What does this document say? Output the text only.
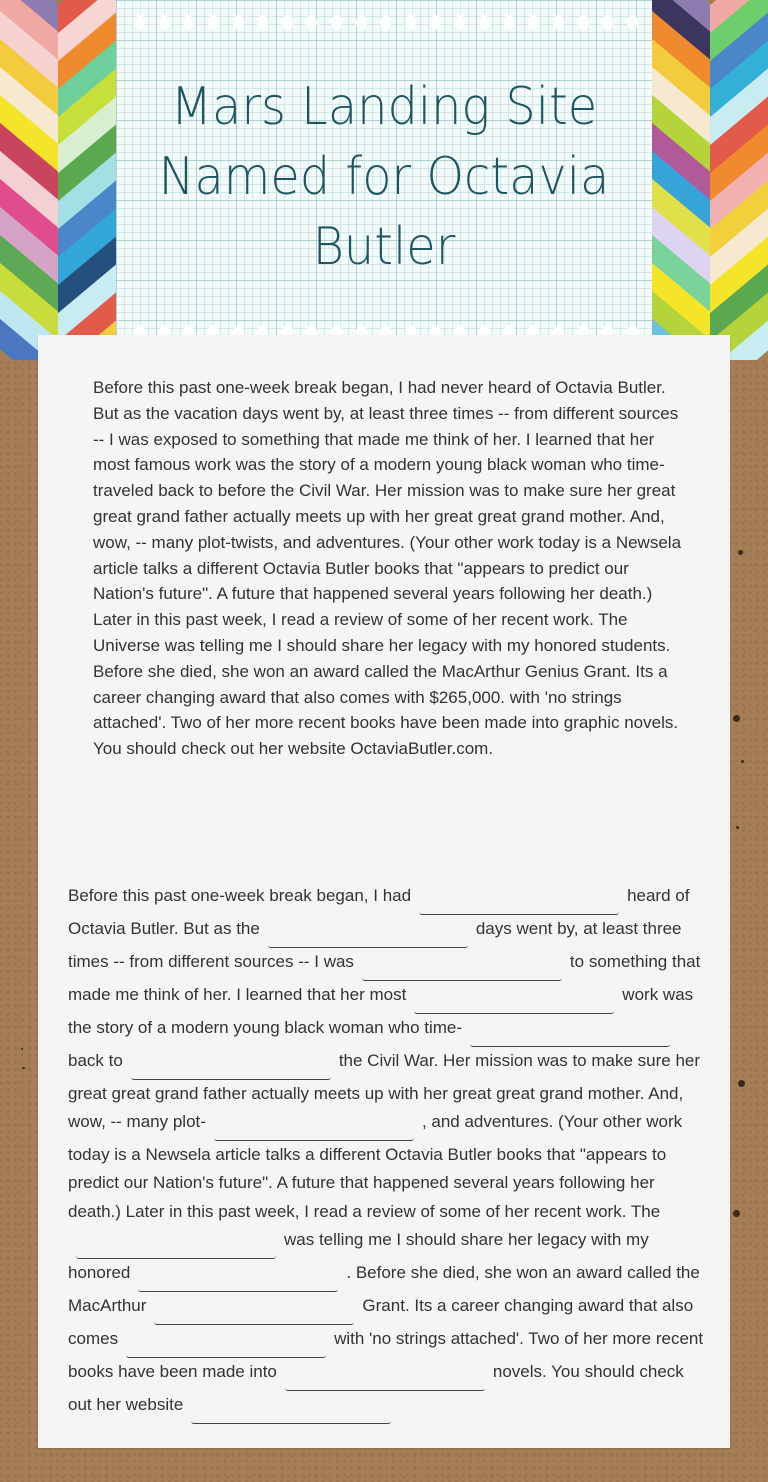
Mars Landing Site Named for Octavia Butler

Before this past one-week break began, I had never heard of Octavia Butler. But as the vacation days went by, at least three times -- from different sources -- I was exposed to something that made me think of her. I learned that her most famous work was the story of a modern young black woman who time-traveled back to before the Civil War. Her mission was to make sure her great great grand father actually meets up with her great great grand mother. And, wow, -- many plot-twists, and adventures. (Your other work today is a Newsela article talks a different Octavia Butler books that "appears to predict our Nation's future". A future that happened several years following her death.) Later in this past week, I read a review of some of her recent work. The Universe was telling me I should share her legacy with my honored students. Before she died, she won an award called the MacArthur Genius Grant. Its a career changing award that also comes with $265,000. with 'no strings attached'. Two of her more recent books have been made into graphic novels. You should check out her website OctaviaButler.com.

Before this past one-week break began, I had	heard of Octavia Butler. But as the	days went by, at least three times -- from different sources -- I was	to something that made me think of her. I learned that her most	work was the story of a modern young black woman who time-back to	the Civil War. Her mission was to make sure her great great grand father actually meets up with her great great grand mother. And, wow, -- many plot-	, and adventures. (Your other work today is a Newsela article talks a different Octavia Butler books that "appears to predict our Nation's future". A future that happened several years following her death.) Later in this past week, I read a review of some of her recent work. Thewas telling me I should share her legacy with my honored	. Before she died, she won an award called the MacArthur	Grant. Its a career changing award that also comes	with 'no strings attached'. Two of her more recent books have been made into	novels. You should check out her website
